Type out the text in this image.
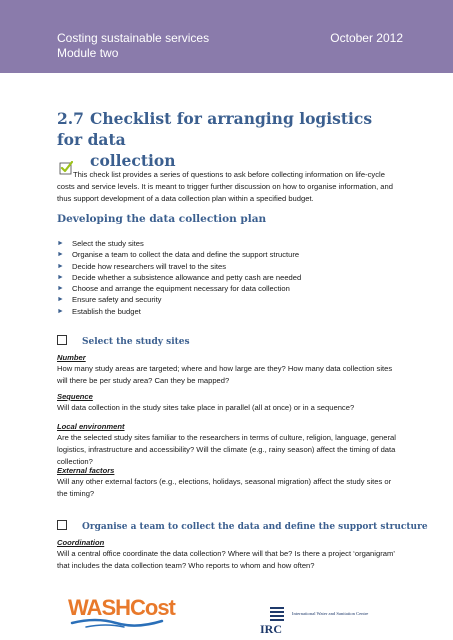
Costing sustainable services
Module two
October 2012
2.7 Checklist for arranging logistics for data
collection
This check list provides a series of questions to ask before collecting information on life-cycle
costs and service levels. It is meant to trigger further discussion on how to organise information, and
thus support development of a data collection plan within a specified budget.
Developing the data collection plan
► Select the study sites
► Organise a team to collect the data and define the support structure
► Decide how researchers will travel to the sites
► Decide whether a subsistence allowance and petty cash are needed
► Choose and arrange the equipment necessary for data collection
► Ensure safety and security
► Establish the budget
Select the study sites
Number
How many study areas are targeted; where and how large are they? How many data collection sites
will there be per study area? Can they be mapped?
Sequence
Will data collection in the study sites take place in parallel (all at once) or in a sequence?
Local environment
Are the selected study sites familiar to the researchers in terms of culture, religion, language, general
logistics, infrastructure and accessibility? Will the climate (e.g., rainy season) affect the timing of data
collection?
External factors
Will any other external factors (e.g., elections, holidays, seasonal migration) affect the study sites or
the timing?
Organise a team to collect the data and define the support structure
Coordination
Will a central office coordinate the data collection? Where will that be? Is there a project ‘organigram’
that includes the data collection team? Who reports to whom and how often?
WASHCost
IRC
International Water and Sanitation Centre
